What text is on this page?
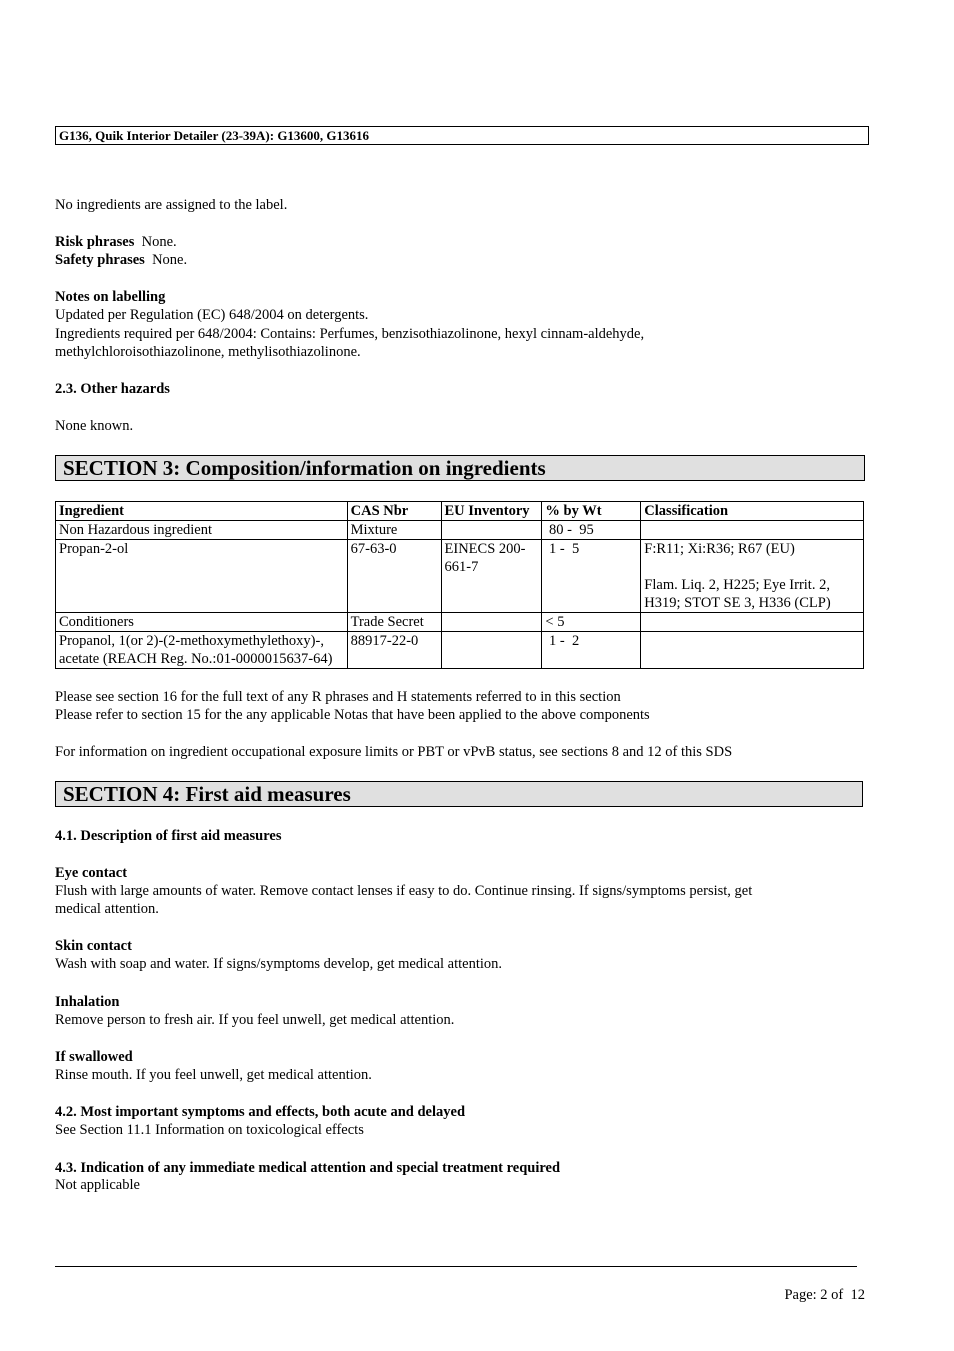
G136, Quik Interior Detailer (23-39A): G13600, G13616
No ingredients are assigned to the label.
Risk phrases None.
Safety phrases None.
Notes on labelling
Updated per Regulation (EC) 648/2004 on detergents.
Ingredients required per 648/2004: Contains: Perfumes, benzisothiazolinone, hexyl cinnam-aldehyde,
methylchloroisothiazolinone, methylisothiazolinone.
2.3. Other hazards
None known.
SECTION 3: Composition/information on ingredients
Ingredient	CAS Nbr	EU Inventory	% by Wt	Classification
Non Hazardous ingredient	Mixture		80 -  95	

Propan-2-ol	67-63-0	EINECS 200-661-7	1 -  5	F:R11; Xi:R36; R67 (EU)
Flam. Liq. 2, H225; Eye Irrit. 2, H319; STOT SE 3, H336 (CLP)

Conditioners	Trade Secret		< 5	

Propanol, 1(or 2)-(2-methoxymethylethoxy)-, acetate (REACH Reg. No.:01-0000015637-64)	88917-22-0		1 -  2	
Please see section 16 for the full text of any R phrases and H statements referred to in this section
Please refer to section 15 for the any applicable Notas that have been applied to the above components
For information on ingredient occupational exposure limits or PBT or vPvB status, see sections 8 and 12 of this SDS
SECTION 4: First aid measures
4.1. Description of first aid measures
Eye contact
Flush with large amounts of water. Remove contact lenses if easy to do. Continue rinsing. If signs/symptoms persist, get
medical attention.
Skin contact
Wash with soap and water. If signs/symptoms develop, get medical attention.
Inhalation
Remove person to fresh air. If you feel unwell, get medical attention.
If swallowed
Rinse mouth. If you feel unwell, get medical attention.
4.2. Most important symptoms and effects, both acute and delayed
See Section 11.1 Information on toxicological effects
4.3. Indication of any immediate medical attention and special treatment required
Not applicable
Page: 2 of  12
